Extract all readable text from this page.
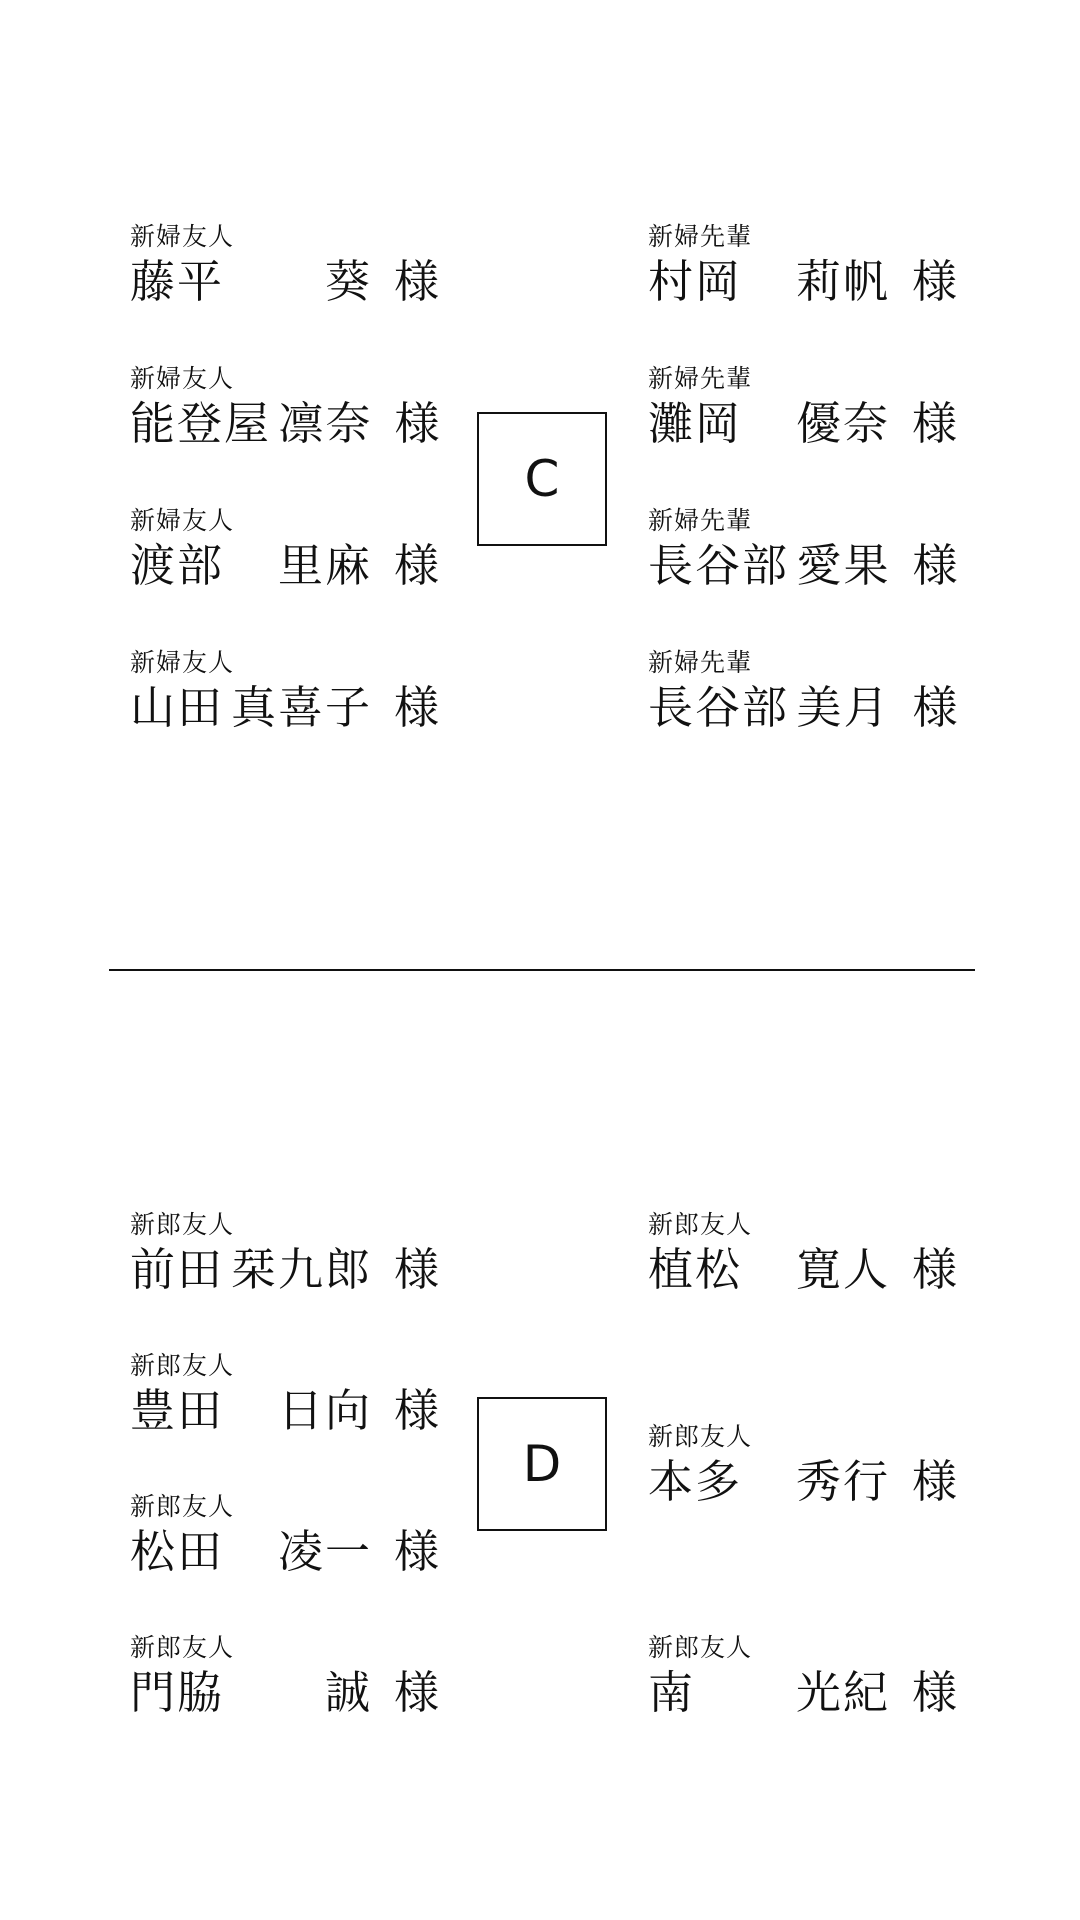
新婦友人
藤平	葵 様
新婦友人
能登屋 凛奈 様
新婦友人
渡部	里麻 様
新婦友人
山田 真喜子 様
C
新婦先輩
村岡	莉帆 様
新婦先輩
灘岡	優奈 様
新婦先輩
長谷部 愛果 様
新婦先輩
長谷部 美月 様
新郎友人
前田 栞九郎 様
新郎友人
豊田	日向 様
新郎友人
松田	凌一 様
新郎友人
門脇	誠 様
D
新郎友人
植松	寛人 様
新郎友人
本多	秀行 様
新郎友人
南	光紀 様
